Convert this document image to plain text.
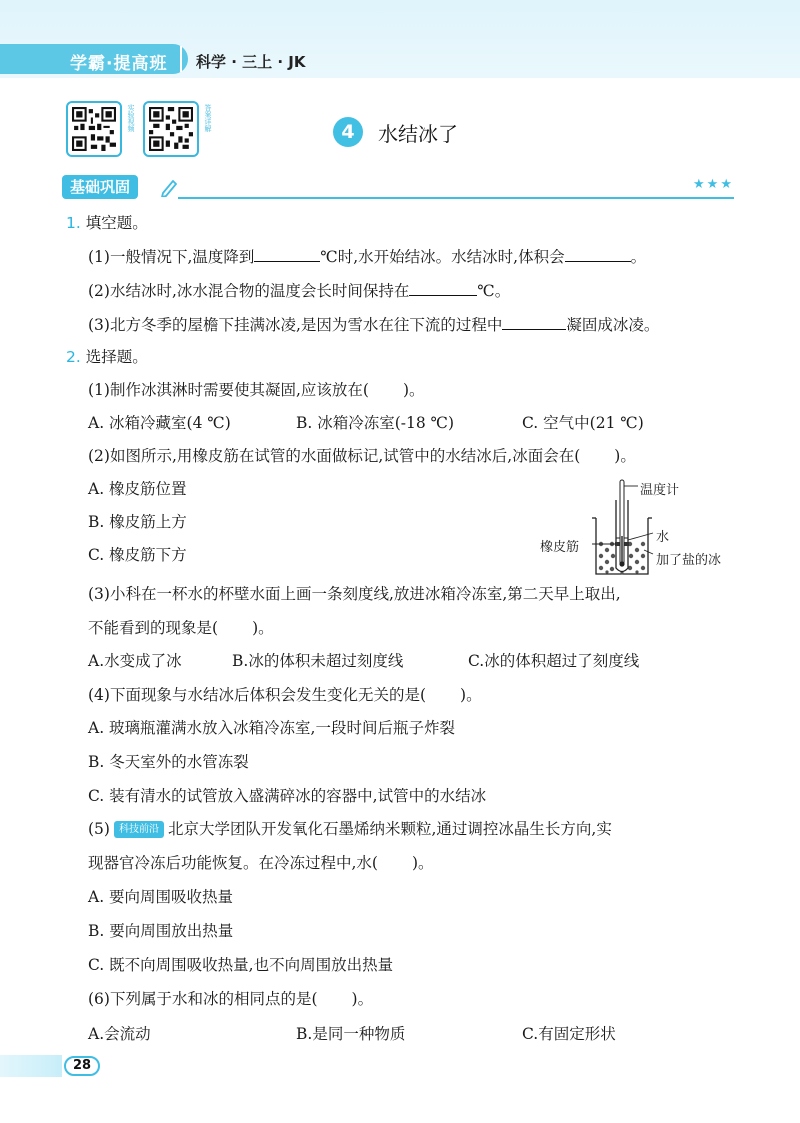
学霸·提高班 科学 · 三上 · JK
实验视频	答案详解	4	水结冰了
基础巩固	★★★
1. 填空题。
(1)一般情况下,温度降到	℃时,水开始结冰。水结冰时,体积会	。
(2)水结冰时,冰水混合物的温度会长时间保持在	℃。
(3)北方冬季的屋檐下挂满冰凌,是因为雪水在往下流的过程中	凝固成冰凌。
2. 选择题。
(1)制作冰淇淋时需要使其凝固,应该放在( )。
A. 冰箱冷藏室(4 ℃)	B. 冰箱冷冻室(-18 ℃)	C. 空气中(21 ℃)
(2)如图所示,用橡皮筋在试管的水面做标记,试管中的水结冰后,冰面会在( )。
A. 橡皮筋位置
B. 橡皮筋上方
C. 橡皮筋下方
温度计
水
橡皮筋
加了盐的冰
(3)小科在一杯水的杯壁水面上画一条刻度线,放进冰箱冷冻室,第二天早上取出,
不能看到的现象是( )。
A.水变成了冰	B.冰的体积未超过刻度线	C.冰的体积超过了刻度线
(4)下面现象与水结冰后体积会发生变化无关的是( )。
A. 玻璃瓶灌满水放入冰箱冷冻室,一段时间后瓶子炸裂
B. 冬天室外的水管冻裂
C. 装有清水的试管放入盛满碎冰的容器中,试管中的水结冰
(5) 科技前沿 北京大学团队开发氧化石墨烯纳米颗粒,通过调控冰晶生长方向,实
现器官冷冻后功能恢复。在冷冻过程中,水( )。
A. 要向周围吸收热量
B. 要向周围放出热量
C. 既不向周围吸收热量,也不向周围放出热量
(6)下列属于水和冰的相同点的是( )。
A.会流动	B.是同一种物质	C.有固定形状
28
